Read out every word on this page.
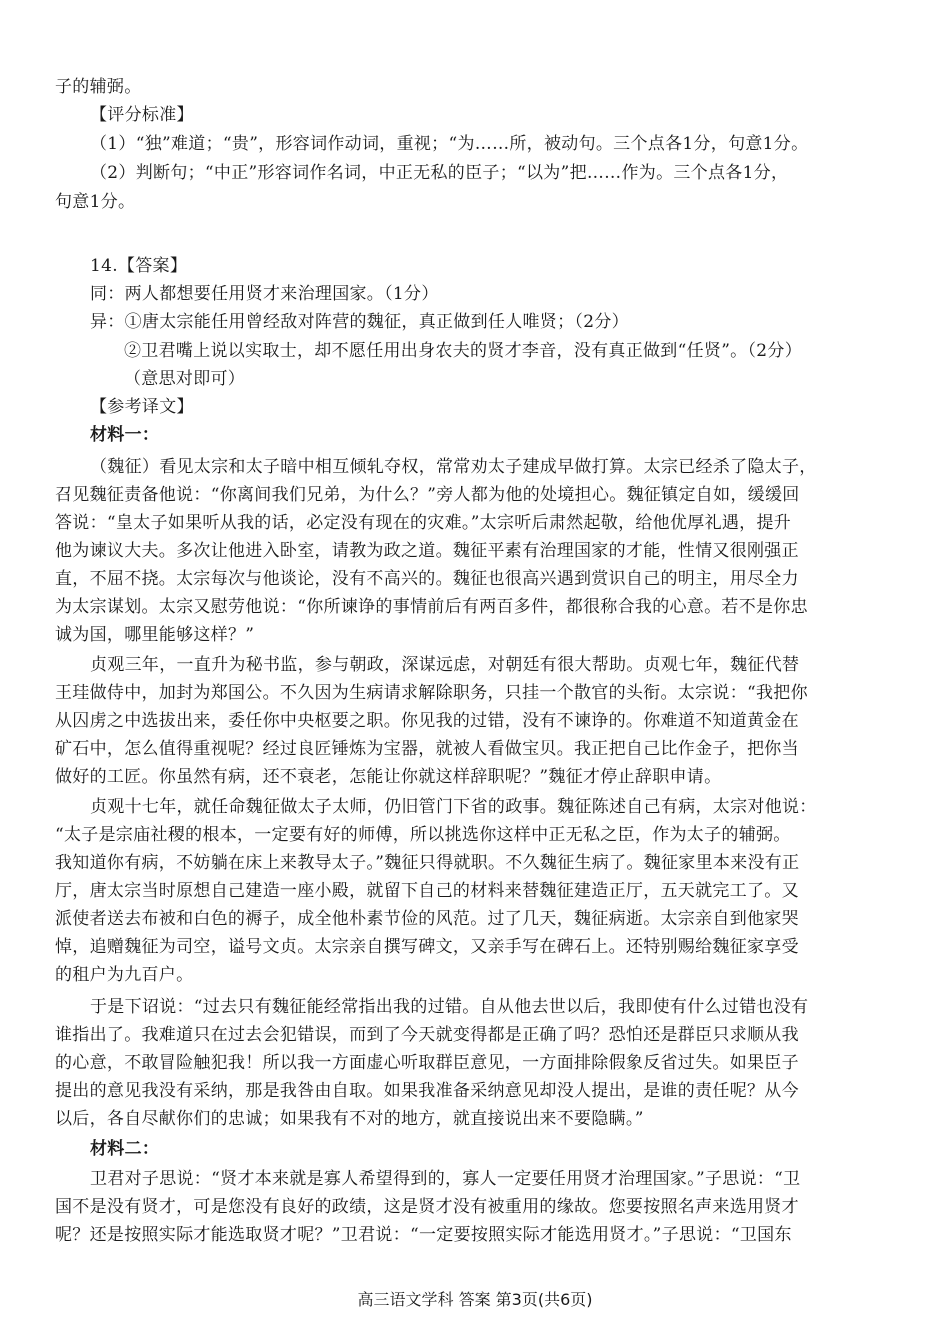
子的辅弼。
【评分标准】
（1）“独”难道；“贵”，形容词作动词，重视；“为……所，被动句。三个点各1分，句意1分。
（2）判断句；“中正”形容词作名词，中正无私的臣子；“以为”把……作为。三个点各1分，
句意1分。
14.【答案】
同：两人都想要任用贤才来治理国家。（1分）
异：①唐太宗能任用曾经敌对阵营的魏征，真正做到任人唯贤；（2分）
②卫君嘴上说以实取士，却不愿任用出身农夫的贤才李音，没有真正做到“任贤”。（2分）
（意思对即可）
【参考译文】
材料一：
（魏征）看见太宗和太子暗中相互倾轧夺权，常常劝太子建成早做打算。太宗已经杀了隐太子，
召见魏征责备他说：“你离间我们兄弟，为什么？”旁人都为他的处境担心。魏征镇定自如，缓缓回
答说：“皇太子如果听从我的话，必定没有现在的灾难。”太宗听后肃然起敬，给他优厚礼遇，提升
他为谏议大夫。多次让他进入卧室，请教为政之道。魏征平素有治理国家的才能，性情又很刚强正
直，不屈不挠。太宗每次与他谈论，没有不高兴的。魏征也很高兴遇到赏识自己的明主，用尽全力
为太宗谋划。太宗又慰劳他说：“你所谏诤的事情前后有两百多件，都很称合我的心意。若不是你忠
诚为国，哪里能够这样？”
贞观三年，一直升为秘书监，参与朝政，深谋远虑，对朝廷有很大帮助。贞观七年，魏征代替
王珪做侍中，加封为郑国公。不久因为生病请求解除职务，只挂一个散官的头衔。太宗说：“我把你
从囚虏之中选拔出来，委任你中央枢要之职。你见我的过错，没有不谏诤的。你难道不知道黄金在
矿石中，怎么值得重视呢？经过良匠锤炼为宝器，就被人看做宝贝。我正把自己比作金子，把你当
做好的工匠。你虽然有病，还不衰老，怎能让你就这样辞职呢？”魏征才停止辞职申请。
贞观十七年，就任命魏征做太子太师，仍旧管门下省的政事。魏征陈述自己有病，太宗对他说：
“太子是宗庙社稷的根本，一定要有好的师傅，所以挑选你这样中正无私之臣，作为太子的辅弼。
我知道你有病，不妨躺在床上来教导太子。”魏征只得就职。不久魏征生病了。魏征家里本来没有正
厅，唐太宗当时原想自己建造一座小殿，就留下自己的材料来替魏征建造正厅，五天就完工了。又
派使者送去布被和白色的褥子，成全他朴素节俭的风范。过了几天，魏征病逝。太宗亲自到他家哭
悼，追赠魏征为司空，谥号文贞。太宗亲自撰写碑文，又亲手写在碑石上。还特别赐给魏征家享受
的租户为九百户。
于是下诏说：“过去只有魏征能经常指出我的过错。自从他去世以后，我即使有什么过错也没有
谁指出了。我难道只在过去会犯错误，而到了今天就变得都是正确了吗？恐怕还是群臣只求顺从我
的心意，不敢冒险触犯我！所以我一方面虚心听取群臣意见，一方面排除假象反省过失。如果臣子
提出的意见我没有采纳，那是我咎由自取。如果我准备采纳意见却没人提出，是谁的责任呢？从今
以后，各自尽献你们的忠诚；如果我有不对的地方，就直接说出来不要隐瞒。”
材料二：
卫君对子思说：“贤才本来就是寡人希望得到的，寡人一定要任用贤才治理国家。”子思说：“卫
国不是没有贤才，可是您没有良好的政绩，这是贤才没有被重用的缘故。您要按照名声来选用贤才
呢？还是按照实际才能选取贤才呢？”卫君说：“一定要按照实际才能选用贤才。”子思说：“卫国东
高三语文学科 答案 第3页(共6页)
